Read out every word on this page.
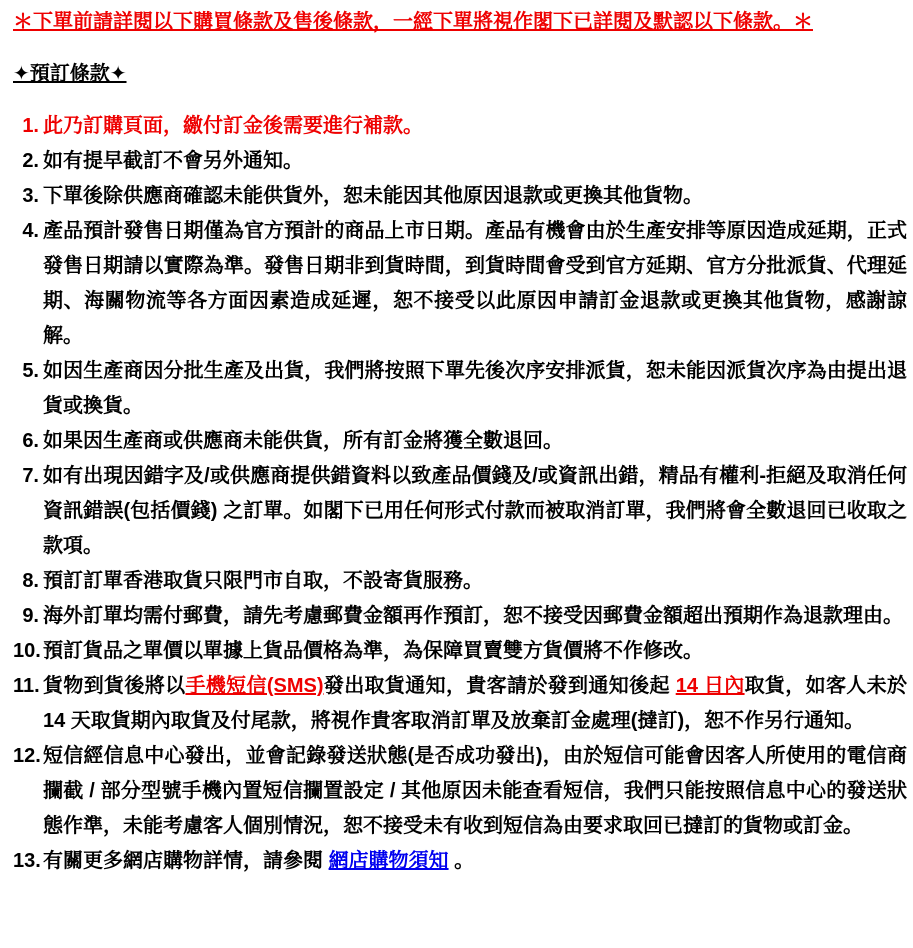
＊下單前請詳閱以下購買條款及售後條款，一經下單將視作閣下已詳閱及默認以下條款。＊

✦預訂條款✦

1. 此乃訂購頁面，繳付訂金後需要進行補款。
2. 如有提早截訂不會另外通知。
3. 下單後除供應商確認未能供貨外，恕未能因其他原因退款或更換其他貨物。
4. 產品預計發售日期僅為官方預計的商品上市日期。產品有機會由於生產安排等原因造成延期，正式發售日期請以實際為準。發售日期非到貨時間，到貨時間會受到官方延期、官方分批派貨、代理延期、海關物流等各方面因素造成延遲，恕不接受以此原因申請訂金退款或更換其他貨物，感謝諒解。
5. 如因生產商因分批生產及出貨，我們將按照下單先後次序安排派貨，恕未能因派貨次序為由提出退貨或換貨。
6. 如果因生產商或供應商未能供貨，所有訂金將獲全數退回。
7. 如有出現因錯字及/或供應商提供錯資料以致產品價錢及/或資訊出錯，精品有權利-拒絕及取消任何資訊錯誤(包括價錢) 之訂單。如閣下已用任何形式付款而被取消訂單，我們將會全數退回已收取之款項。
8. 預訂訂單香港取貨只限門市自取，不設寄貨服務。
9. 海外訂單均需付郵費，請先考慮郵費金額再作預訂，恕不接受因郵費金額超出預期作為退款理由。
10. 預訂貨品之單價以單據上貨品價格為準，為保障買賣雙方貨價將不作修改。
11. 貨物到貨後將以手機短信(SMS)發出取貨通知，貴客請於發到通知後起 14 日內取貨，如客人未於 14 天取貨期內取貨及付尾款，將視作貴客取消訂單及放棄訂金處理(撻訂)，恕不作另行通知。
12. 短信經信息中心發出，並會記錄發送狀態(是否成功發出)，由於短信可能會因客人所使用的電信商攔截 / 部分型號手機內置短信攔置設定 / 其他原因未能查看短信，我們只能按照信息中心的發送狀態作準，未能考慮客人個別情況，恕不接受未有收到短信為由要求取回已撻訂的貨物或訂金。
13. 有關更多網店購物詳情，請參閱 網店購物須知 。
